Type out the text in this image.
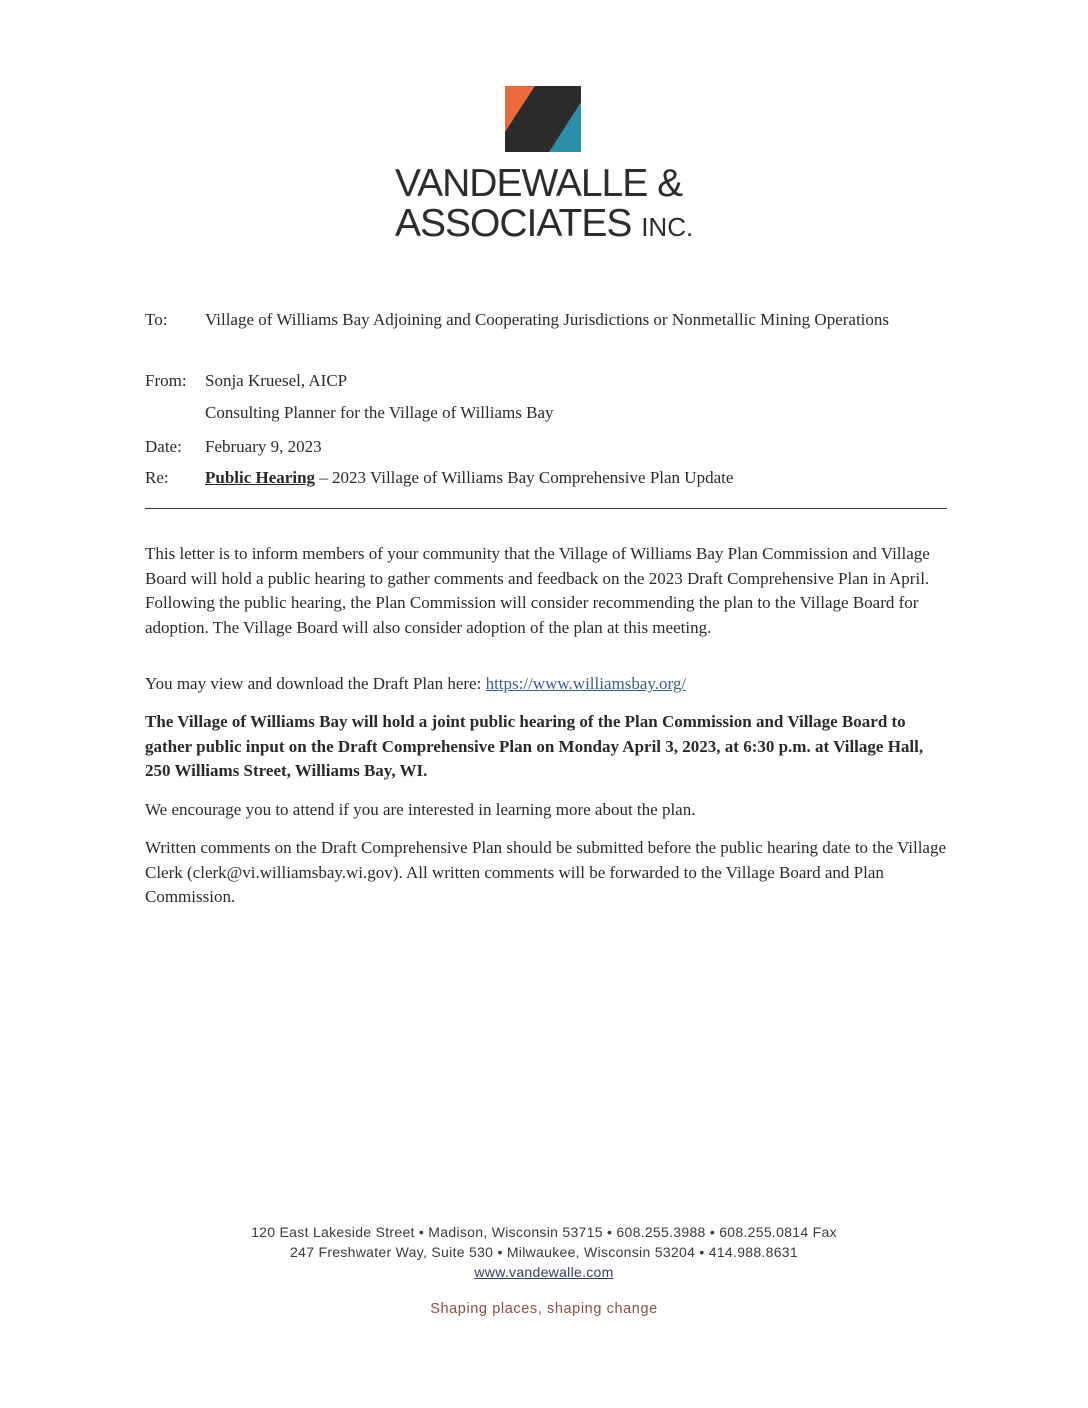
VANDEWALLE &
ASSOCIATES INC.
To: Village of Williams Bay Adjoining and Cooperating Jurisdictions or Nonmetallic Mining Operations
From: Sonja Kruesel, AICP
Consulting Planner for the Village of Williams Bay
Date: February 9, 2023
Re: Public Hearing – 2023 Village of Williams Bay Comprehensive Plan Update
This letter is to inform members of your community that the Village of Williams Bay Plan Commission and Village Board will hold a public hearing to gather comments and feedback on the 2023 Draft Comprehensive Plan in April. Following the public hearing, the Plan Commission will consider recommending the plan to the Village Board for adoption. The Village Board will also consider adoption of the plan at this meeting.
You may view and download the Draft Plan here: https://www.williamsbay.org/
The Village of Williams Bay will hold a joint public hearing of the Plan Commission and Village Board to gather public input on the Draft Comprehensive Plan on Monday April 3, 2023, at 6:30 p.m. at Village Hall, 250 Williams Street, Williams Bay, WI.
We encourage you to attend if you are interested in learning more about the plan.
Written comments on the Draft Comprehensive Plan should be submitted before the public hearing date to the Village Clerk (clerk@vi.williamsbay.wi.gov). All written comments will be forwarded to the Village Board and Plan Commission.
120 East Lakeside Street • Madison, Wisconsin 53715 • 608.255.3988 • 608.255.0814 Fax
247 Freshwater Way, Suite 530 • Milwaukee, Wisconsin 53204 • 414.988.8631
www.vandewalle.com
Shaping places, shaping change
